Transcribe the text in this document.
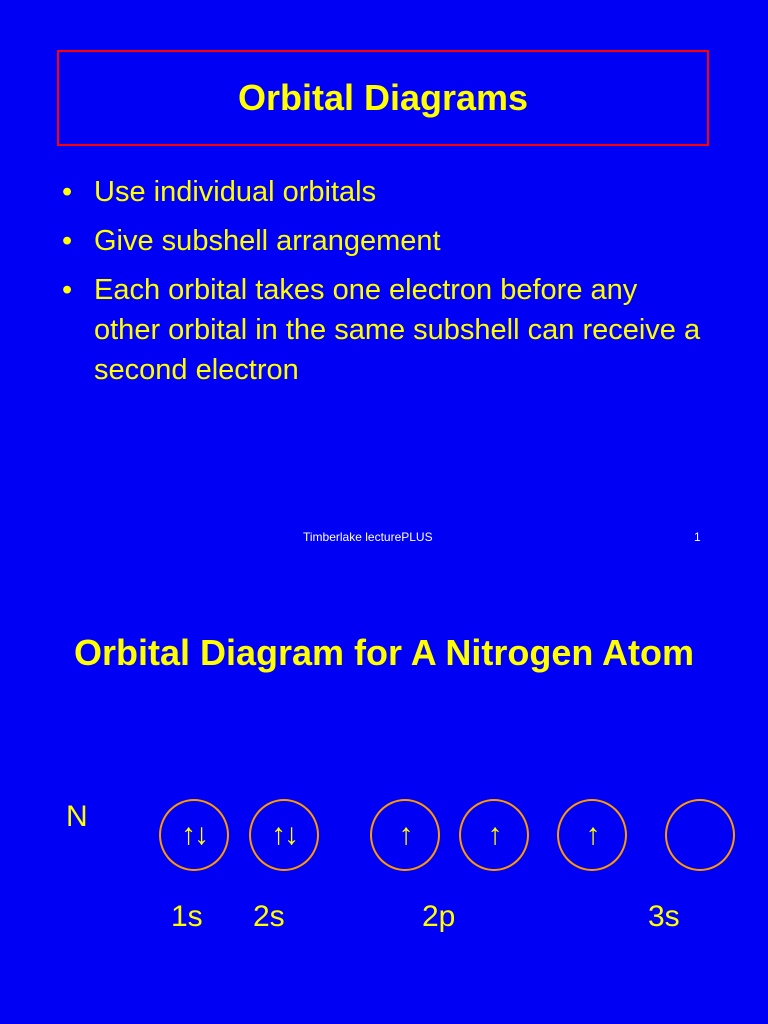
Orbital Diagrams
• Use individual orbitals
• Give subshell arrangement
• Each orbital takes one electron before any other orbital in the same subshell can receive a second electron
Timberlake lecturePLUS	1
Orbital Diagram for A Nitrogen Atom
N
↑↓	↑↓	↑	↑	↑
1s 2s	2p	3s
